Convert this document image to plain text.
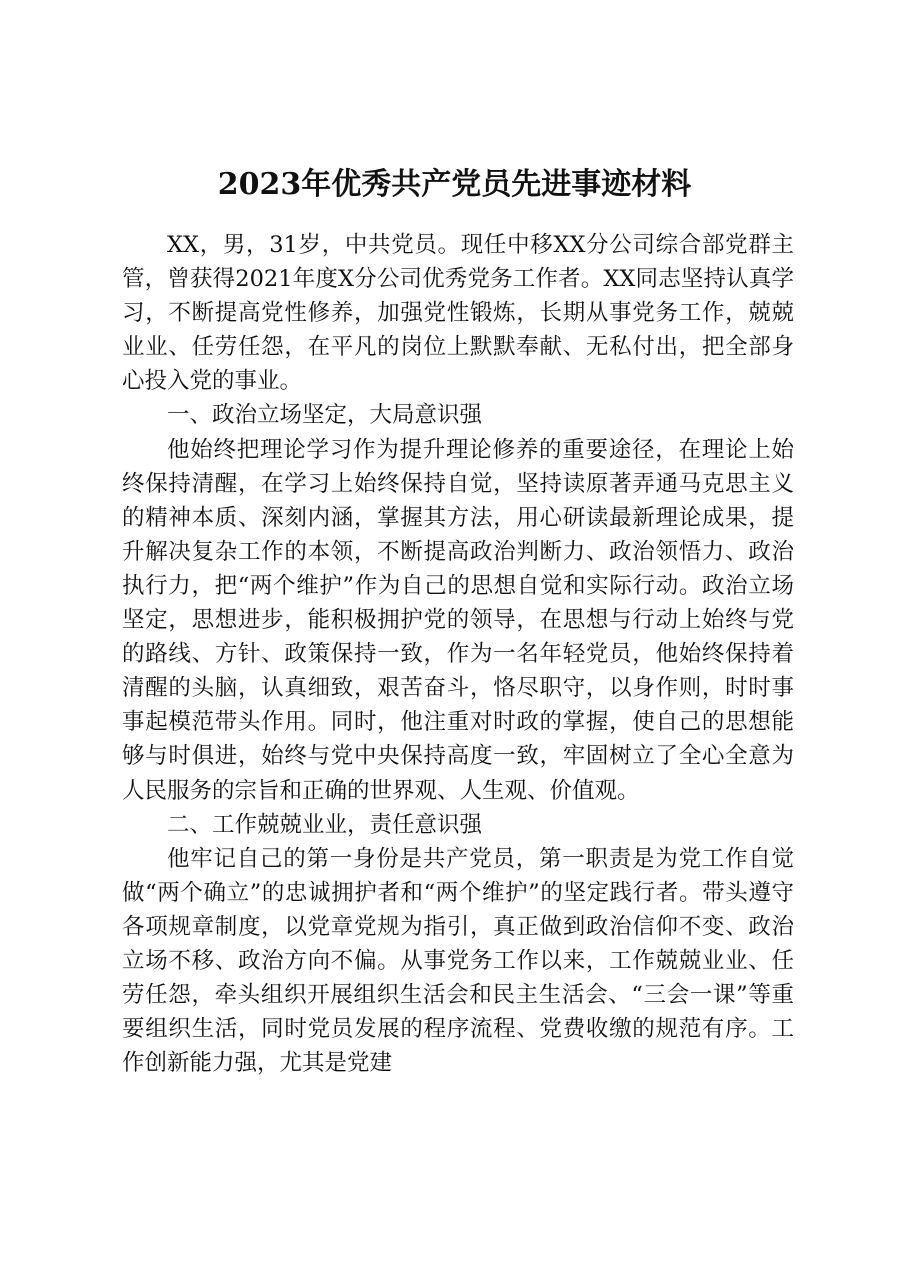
2023年优秀共产党员先进事迹材料

XX，男，31岁，中共党员。现任中移XX分公司综合部党群主管，曾获得2021年度X分公司优秀党务工作者。XX同志坚持认真学习，不断提高党性修养，加强党性锻炼，长期从事党务工作，兢兢业业、任劳任怨，在平凡的岗位上默默奉献、无私付出，把全部身心投入党的事业。

一、政治立场坚定，大局意识强

他始终把理论学习作为提升理论修养的重要途径，在理论上始终保持清醒，在学习上始终保持自觉，坚持读原著弄通马克思主义的精神本质、深刻内涵，掌握其方法，用心研读最新理论成果，提升解决复杂工作的本领，不断提高政治判断力、政治领悟力、政治执行力，把“两个维护”作为自己的思想自觉和实际行动。政治立场坚定，思想进步，能积极拥护党的领导，在思想与行动上始终与党的路线、方针、政策保持一致，作为一名年轻党员，他始终保持着清醒的头脑，认真细致，艰苦奋斗，恪尽职守，以身作则，时时事事起模范带头作用。同时，他注重对时政的掌握，使自己的思想能够与时俱进，始终与党中央保持高度一致，牢固树立了全心全意为人民服务的宗旨和正确的世界观、人生观、价值观。

二、工作兢兢业业，责任意识强

他牢记自己的第一身份是共产党员，第一职责是为党工作自觉做“两个确立”的忠诚拥护者和“两个维护”的坚定践行者。带头遵守各项规章制度，以党章党规为指引，真正做到政治信仰不变、政治立场不移、政治方向不偏。从事党务工作以来，工作兢兢业业、任劳任怨，牵头组织开展组织生活会和民主生活会、“三会一课”等重要组织生活，同时党员发展的程序流程、党费收缴的规范有序。工作创新能力强，尤其是党建
